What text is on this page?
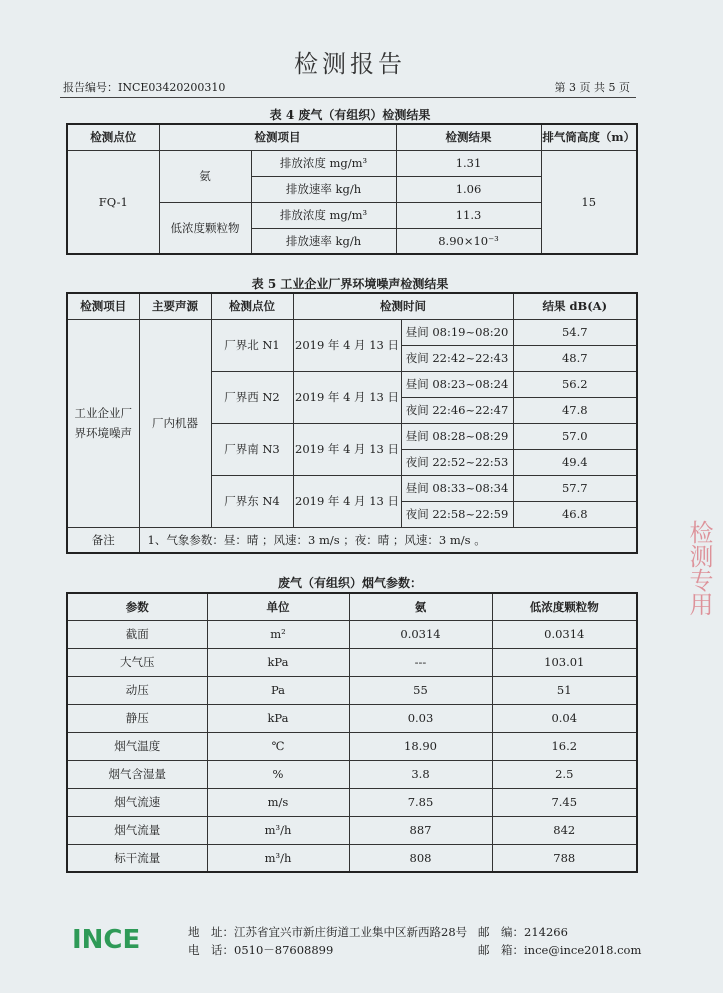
检测报告
报告编号：INCE03420200310	第 3 页 共 5 页
表 4 废气（有组织）检测结果
检测点位	检测项目		检测结果	排气筒高度（m）
FQ-1	氨	排放浓度 mg/m³	1.31	15
		排放速率 kg/h	1.06	
	低浓度颗粒物	排放浓度 mg/m³	11.3	
		排放速率 kg/h	8.90×10⁻³	
表 5 工业企业厂界环境噪声检测结果
检测项目	主要声源	检测点位	检测时间		结果 dB(A)
工业企业厂界环境噪声	厂内机器	厂界北 N1	2019 年 4 月 13 日	昼间 08:19~08:20	54.7
				夜间 22:42~22:43	48.7
		厂界西 N2	2019 年 4 月 13 日	昼间 08:23~08:24	56.2
				夜间 22:46~22:47	47.8
		厂界南 N3	2019 年 4 月 13 日	昼间 08:28~08:29	57.0
				夜间 22:52~22:53	49.4
		厂界东 N4	2019 年 4 月 13 日	昼间 08:33~08:34	57.7
				夜间 22:58~22:59	46.8
备注	1、气象参数：昼：晴 ；风速：3 m/s ；夜：晴 ；风速：3 m/s 。				
废气（有组织）烟气参数：
参数	单位	氨	低浓度颗粒物
截面	m²	0.0314	0.0314
大气压	kPa	---	103.01
动压	Pa	55	51
静压	kPa	0.03	0.04
烟气温度	℃	18.90	16.2
烟气含湿量	%	3.8	2.5
烟气流速	m/s	7.85	7.45
烟气流量	m³/h	887	842
标干流量	m³/h	808	788
INCE	地　址：江苏省宜兴市新庄街道工业集中区新西路28号 邮　编：214266
电　话：0510－87608899	邮　箱：ince@ince2018.com
检测专用
